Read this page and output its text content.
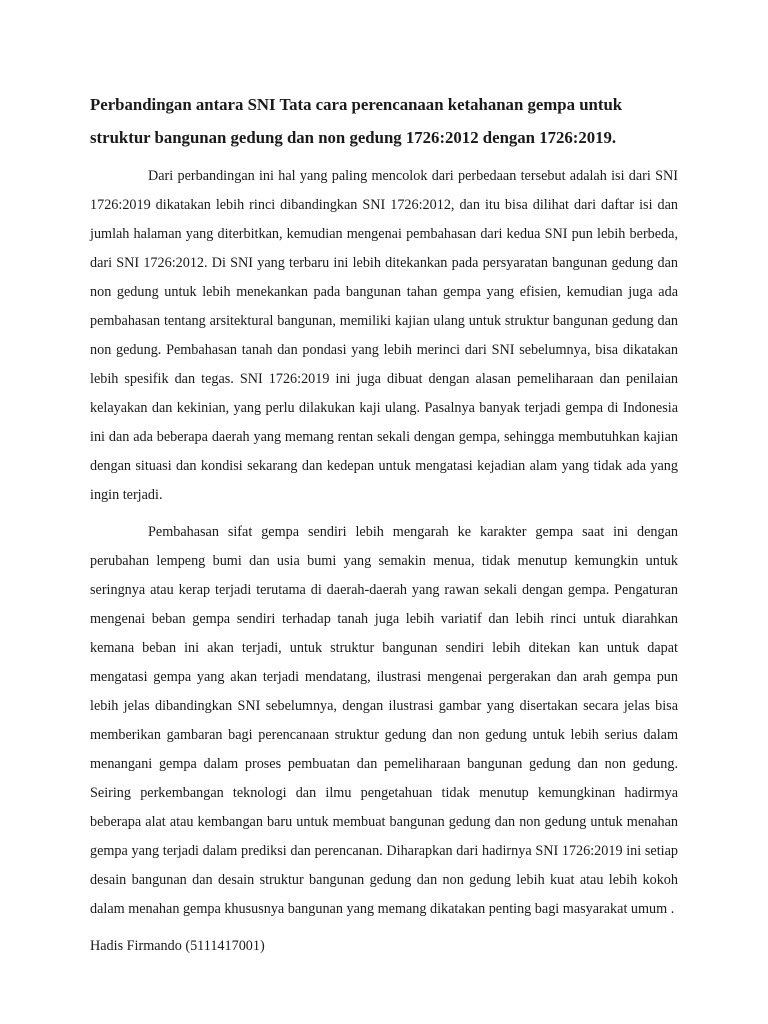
Perbandingan antara SNI Tata cara perencanaan ketahanan gempa untuk struktur bangunan gedung dan non gedung 1726:2012 dengan 1726:2019.

Dari perbandingan ini hal yang paling mencolok dari perbedaan tersebut adalah isi dari SNI 1726:2019 dikatakan lebih rinci dibandingkan SNI 1726:2012, dan itu bisa dilihat dari daftar isi dan jumlah halaman yang diterbitkan, kemudian mengenai pembahasan dari kedua SNI pun lebih berbeda, dari SNI 1726:2012. Di SNI yang terbaru ini lebih ditekankan pada persyaratan bangunan gedung dan non gedung untuk lebih menekankan pada bangunan tahan gempa yang efisien, kemudian juga ada pembahasan tentang arsitektural bangunan, memiliki kajian ulang untuk struktur bangunan gedung dan non gedung. Pembahasan tanah dan pondasi yang lebih merinci dari SNI sebelumnya, bisa dikatakan lebih spesifik dan tegas. SNI 1726:2019 ini juga dibuat dengan alasan pemeliharaan dan penilaian kelayakan dan kekinian, yang perlu dilakukan kaji ulang. Pasalnya banyak terjadi gempa di Indonesia ini dan ada beberapa daerah yang memang rentan sekali dengan gempa, sehingga membutuhkan kajian dengan situasi dan kondisi sekarang dan kedepan untuk mengatasi kejadian alam yang tidak ada yang ingin terjadi.

Pembahasan sifat gempa sendiri lebih mengarah ke karakter gempa saat ini dengan perubahan lempeng bumi dan usia bumi yang semakin menua, tidak menutup kemungkin untuk seringnya atau kerap terjadi terutama di daerah-daerah yang rawan sekali dengan gempa. Pengaturan mengenai beban gempa sendiri terhadap tanah juga lebih variatif dan lebih rinci untuk diarahkan kemana beban ini akan terjadi, untuk struktur bangunan sendiri lebih ditekan kan untuk dapat mengatasi gempa yang akan terjadi mendatang, ilustrasi mengenai pergerakan dan arah gempa pun lebih jelas dibandingkan SNI sebelumnya, dengan ilustrasi gambar yang disertakan secara jelas bisa memberikan gambaran bagi perencanaan struktur gedung dan non gedung untuk lebih serius dalam menangani gempa dalam proses pembuatan dan pemeliharaan bangunan gedung dan non gedung. Seiring perkembangan teknologi dan ilmu pengetahuan tidak menutup kemungkinan hadirmya beberapa alat atau kembangan baru untuk membuat bangunan gedung dan non gedung untuk menahan gempa yang terjadi dalam prediksi dan perencanan. Diharapkan dari hadirnya SNI 1726:2019 ini setiap desain bangunan dan desain struktur bangunan gedung dan non gedung lebih kuat atau lebih kokoh dalam menahan gempa khususnya bangunan yang memang dikatakan penting bagi masyarakat umum .

Hadis Firmando (5111417001)
